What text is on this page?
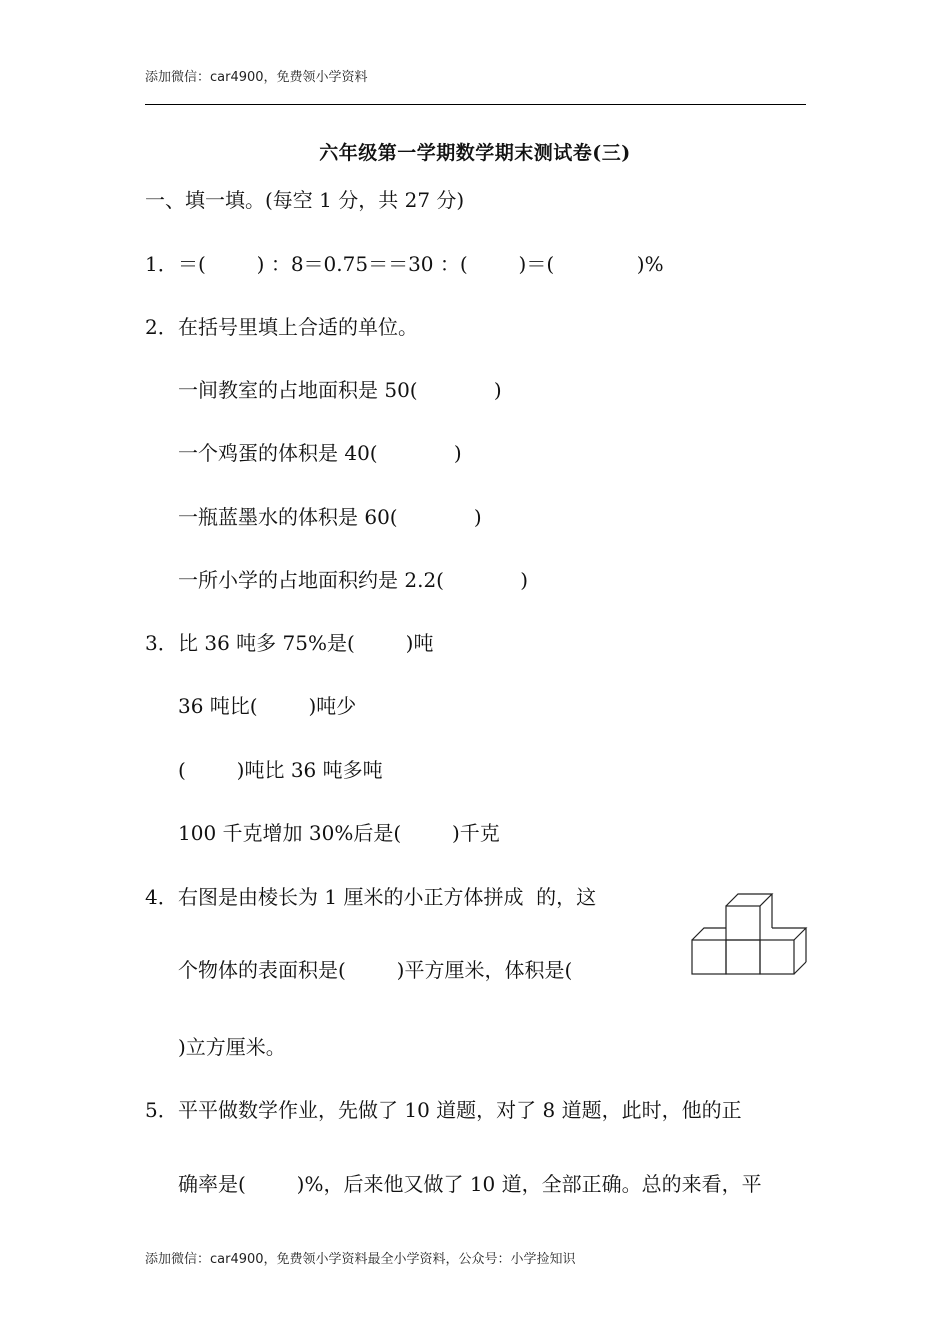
添加微信：car4900，免费领小学资料
六年级第一学期数学期末测试卷(三)
一、填一填。(每空 1 分，共 27 分)
1． ＝(        ) ：8＝0.75＝＝30 ：(        )＝(             )%
2． 在括号里填上合适的单位。
一间教室的占地面积是 50(            )
一个鸡蛋的体积是 40(            )
一瓶蓝墨水的体积是 60(            )
一所小学的占地面积约是 2.2(            )
3． 比 36 吨多 75%是(        )吨
36 吨比(        )吨少
(        )吨比 36 吨多吨
100 千克增加 30%后是(        )千克
4． 右图是由棱长为 1 厘米的小正方体拼成  的，这
个物体的表面积是(        )平方厘米，体积是(
)立方厘米。
5． 平平做数学作业，先做了 10 道题，对了 8 道题，此时，他的正
确率是(        )%，后来他又做了 10 道，全部正确。总的来看，平
添加微信：car4900，免费领小学资料最全小学资料，公众号：小学捡知识
